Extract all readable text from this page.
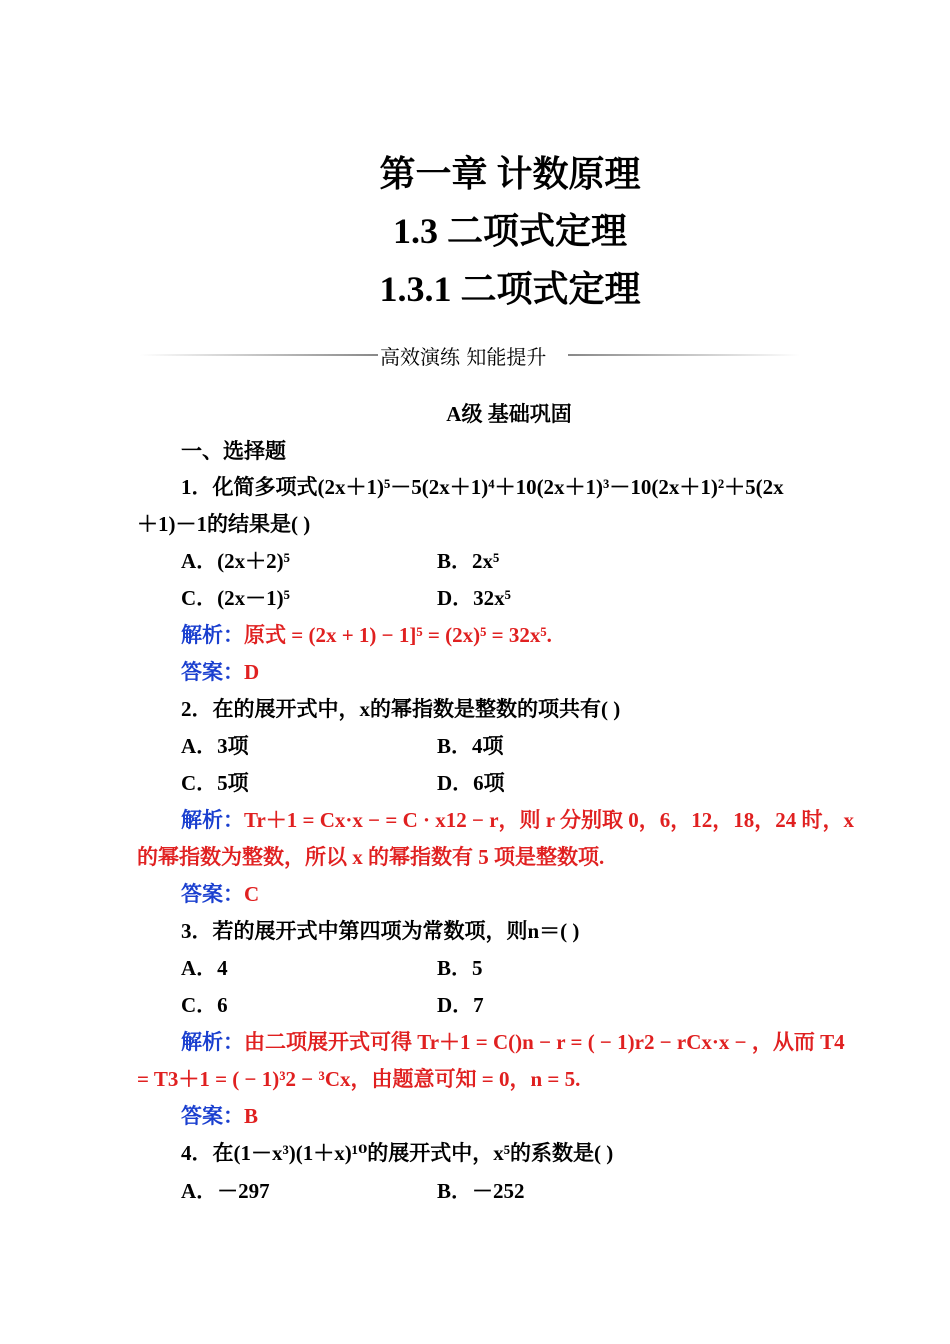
第一章 计数原理
1.3 二项式定理
1.3.1 二项式定理
高效演练 知能提升
A级 基础巩固
一、选择题
1．化简多项式(2x＋1)⁵－5(2x＋1)⁴＋10(2x＋1)³－10(2x＋1)²＋5(2x
＋1)－1的结果是( )
A．(2x＋2)⁵	B．2x⁵
C．(2x－1)⁵	D．32x⁵
解析：原式 = (2x + 1) − 1]⁵ = (2x)⁵ = 32x⁵.
答案：D
2．在的展开式中，x的幂指数是整数的项共有( )
A．3项	B．4项
C．5项	D．6项
解析：Tr＋1 = Cx·x − = C · x12 − r，则 r 分别取 0，6，12，18，24 时，x
的幂指数为整数，所以 x 的幂指数有 5 项是整数项.
答案：C
3．若的展开式中第四项为常数项，则n＝( )
A．4	B．5
C．6	D．7
解析：由二项展开式可得 Tr＋1 = C()n − r = ( − 1)r2 − rCx·x − ，从而 T4
= T3＋1 = ( − 1)³2 − ³Cx，由题意可知 = 0，n = 5.
答案：B
4．在(1－x³)(1＋x)¹⁰的展开式中，x⁵的系数是( )
A．－297	B．－252
